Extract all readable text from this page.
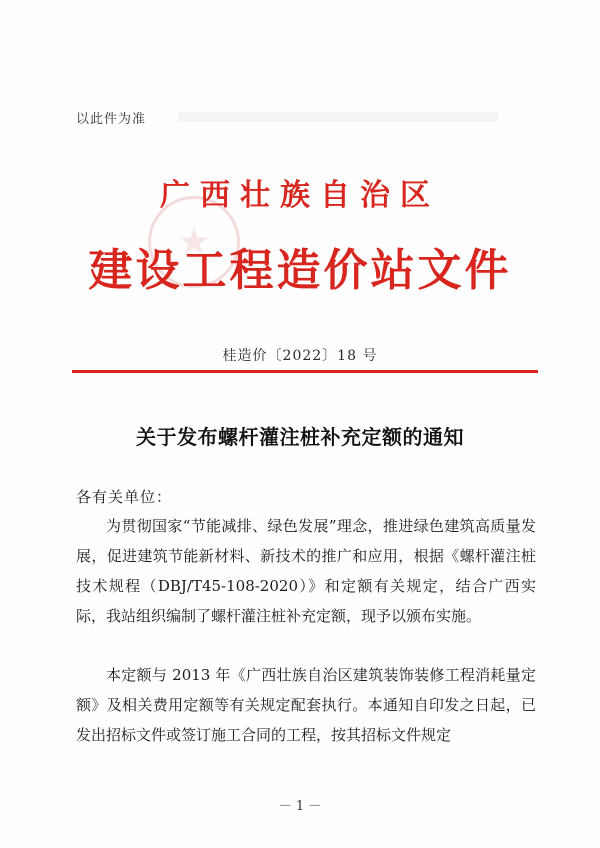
以此件为准
广西壮族自治区
建设工程造价站文件
桂造价〔2022〕18 号
关于发布螺杆灌注桩补充定额的通知
各有关单位：

为贯彻国家“节能减排、绿色发展”理念，推进绿色建筑高质量发展，促进建筑节能新材料、新技术的推广和应用，根据《螺杆灌注桩技术规程（DBJ/T45-108-2020）》和定额有关规定，结合广西实际，我站组织编制了螺杆灌注桩补充定额，现予以颁布实施。

本定额与 2013 年《广西壮族自治区建筑装饰装修工程消耗量定额》及相关费用定额等有关规定配套执行。本通知自印发之日起，已发出招标文件或签订施工合同的工程，按其招标文件规定

－ 1 －
